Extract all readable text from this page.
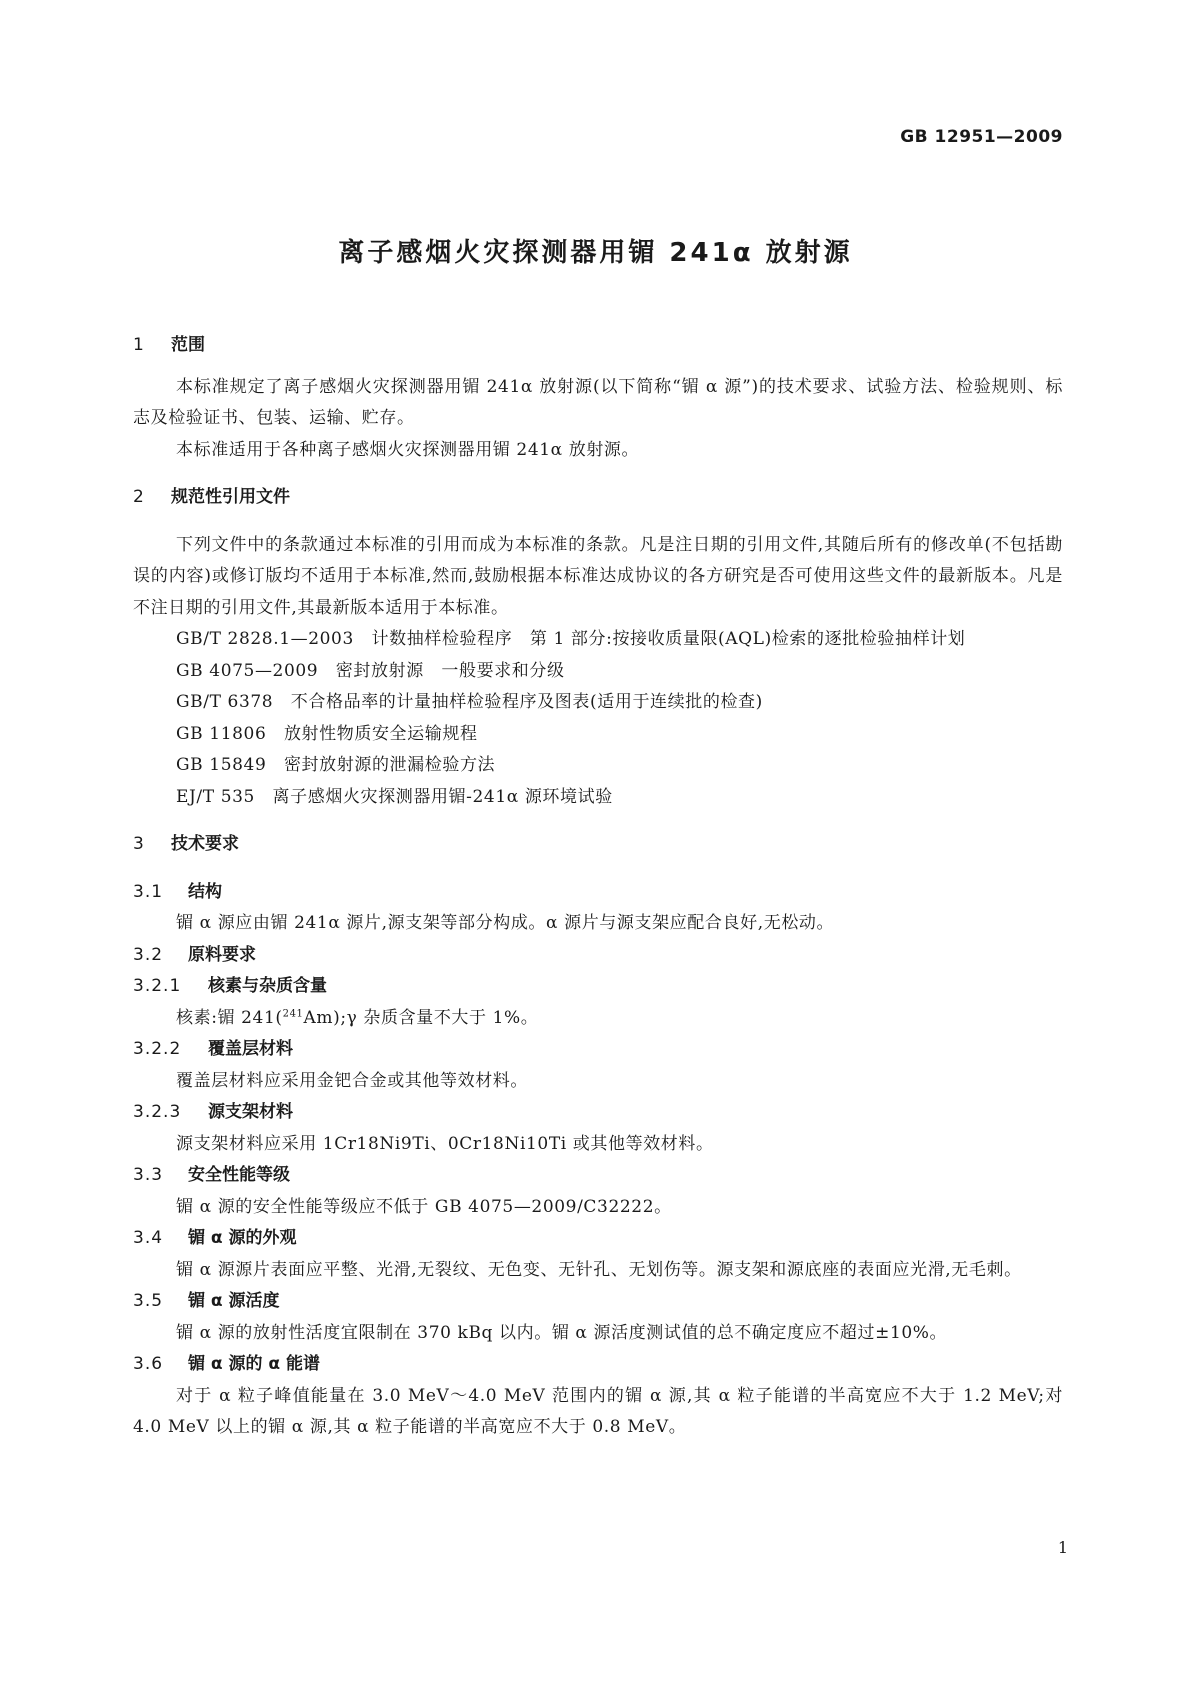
GB 12951—2009
离子感烟火灾探测器用镅 241α 放射源
1 范围

本标准规定了离子感烟火灾探测器用镅 241α 放射源(以下简称“镅 α 源”)的技术要求、试验方法、检验规则、标志及检验证书、包装、运输、贮存。

本标准适用于各种离子感烟火灾探测器用镅 241α 放射源。

2 规范性引用文件

下列文件中的条款通过本标准的引用而成为本标准的条款。凡是注日期的引用文件,其随后所有的修改单(不包括勘误的内容)或修订版均不适用于本标准,然而,鼓励根据本标准达成协议的各方研究是否可使用这些文件的最新版本。凡是不注日期的引用文件,其最新版本适用于本标准。

GB/T 2828.1—2003　计数抽样检验程序　第 1 部分:按接收质量限(AQL)检索的逐批检验抽样计划

GB 4075—2009　密封放射源　一般要求和分级

GB/T 6378　不合格品率的计量抽样检验程序及图表(适用于连续批的检查)

GB 11806　放射性物质安全运输规程

GB 15849　密封放射源的泄漏检验方法

EJ/T 535　离子感烟火灾探测器用镅-241α 源环境试验

3 技术要求
3.1 结构

镅 α 源应由镅 241α 源片,源支架等部分构成。α 源片与源支架应配合良好,无松动。

3.2 原料要求
3.2.1 核素与杂质含量

核素:镅 241($^{241}$Am);γ 杂质含量不大于 1%。

3.2.2 覆盖层材料

覆盖层材料应采用金钯合金或其他等效材料。

3.2.3 源支架材料

源支架材料应采用 1Cr18Ni9Ti、0Cr18Ni10Ti 或其他等效材料。

3.3 安全性能等级

镅 α 源的安全性能等级应不低于 GB 4075—2009/C32222。

3.4 镅 α 源的外观

镅 α 源源片表面应平整、光滑,无裂纹、无色变、无针孔、无划伤等。源支架和源底座的表面应光滑,无毛刺。

3.5 镅 α 源活度

镅 α 源的放射性活度宜限制在 370 kBq 以内。镅 α 源活度测试值的总不确定度应不超过±10%。

3.6 镅 α 源的 α 能谱

对于 α 粒子峰值能量在 3.0 MeV～4.0 MeV 范围内的镅 α 源,其 α 粒子能谱的半高宽应不大于 1.2 MeV;对 4.0 MeV 以上的镅 α 源,其 α 粒子能谱的半高宽应不大于 0.8 MeV。

1
